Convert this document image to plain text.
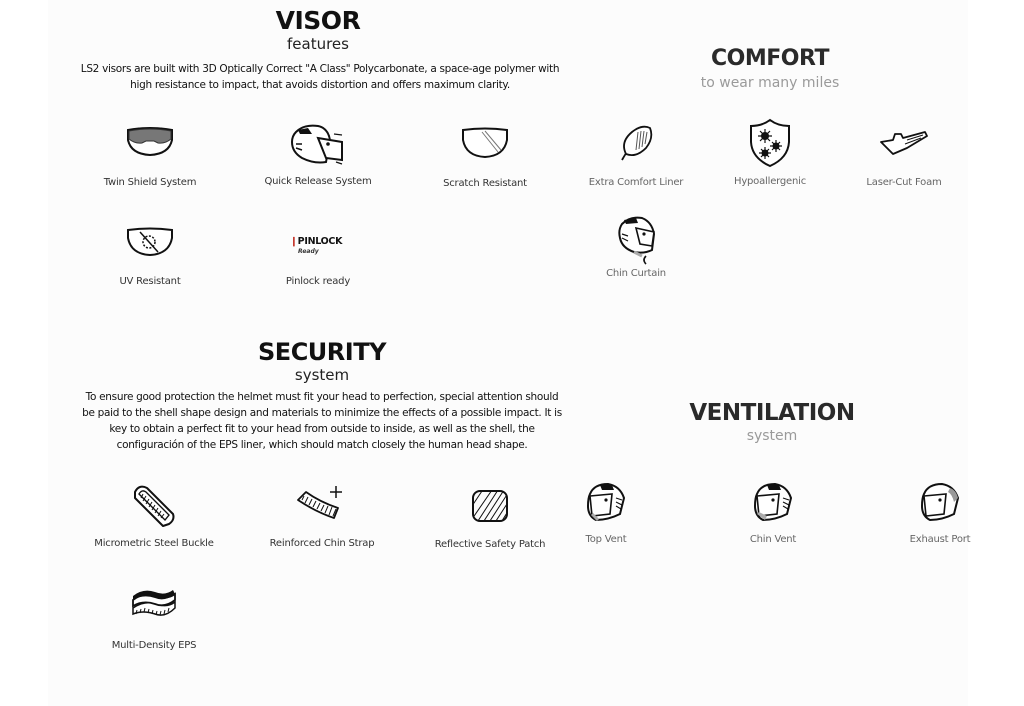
VISOR
features
LS2 visors are built with 3D Optically Correct "A Class" Polycarbonate, a space-age polymer with
high resistance to impact, that avoids distortion and offers maximum clarity.
COMFORT
to wear many miles
SECURITY
system
To ensure good protection the helmet must fit your head to perfection, special attention should
be paid to the shell shape design and materials to minimize the effects of a possible impact. It is
key to obtain a perfect fit to your head from outside to inside, as well as the shell, the
configuración of the EPS liner, which should match closely the human head shape.
VENTILATION
system
Twin Shield System	Quick Release System	Scratch Resistant
UV Resistant
❙PINLOCK
Ready
Pinlock ready
Extra Comfort Liner	Hypoallergenic	Laser-Cut Foam
Chin Curtain
Micrometric Steel Buckle	Reinforced Chin Strap	Reflective Safety Patch
Multi-Density EPS
Top Vent	Chin Vent	Exhaust Port
